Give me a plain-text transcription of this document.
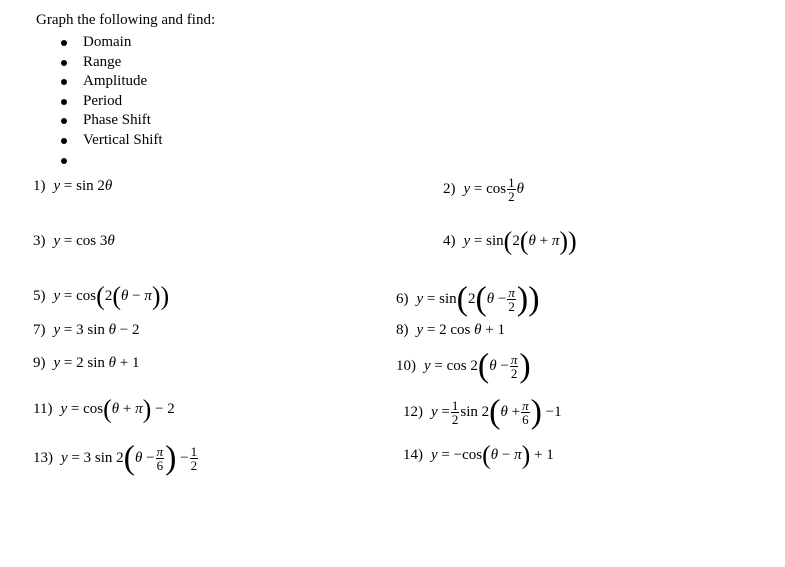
Graph the following and find:
Domain
Range
Amplitude
Period
Phase Shift
Vertical Shift
1) y = sin 2θ	2) $y = \cos \frac{1}{2}$ θ
3) y = cos 3θ	4) y = sin(2(θ + π))
5) y = cos(2(θ − π))	6) $y = \sin(2(\theta - \frac{\pi}{2}$ ))
7) y = 3 sin θ − 2	8) y = 2 cos θ + 1
9) y = 2 sin θ + 1	10) $y = \cos 2(\theta - \frac{\pi}{2}$ )
11) y = cos(θ + π) − 2	12) $y = \frac{1}{2}$ $\sin 2(\theta + \frac{\pi}{6}$ ) −1
13) y = 3 $\sin 2(\theta - \frac{\pi}{6}$ ) − $\frac{1}{2}$	14) y = −cos(θ − π) + 1
